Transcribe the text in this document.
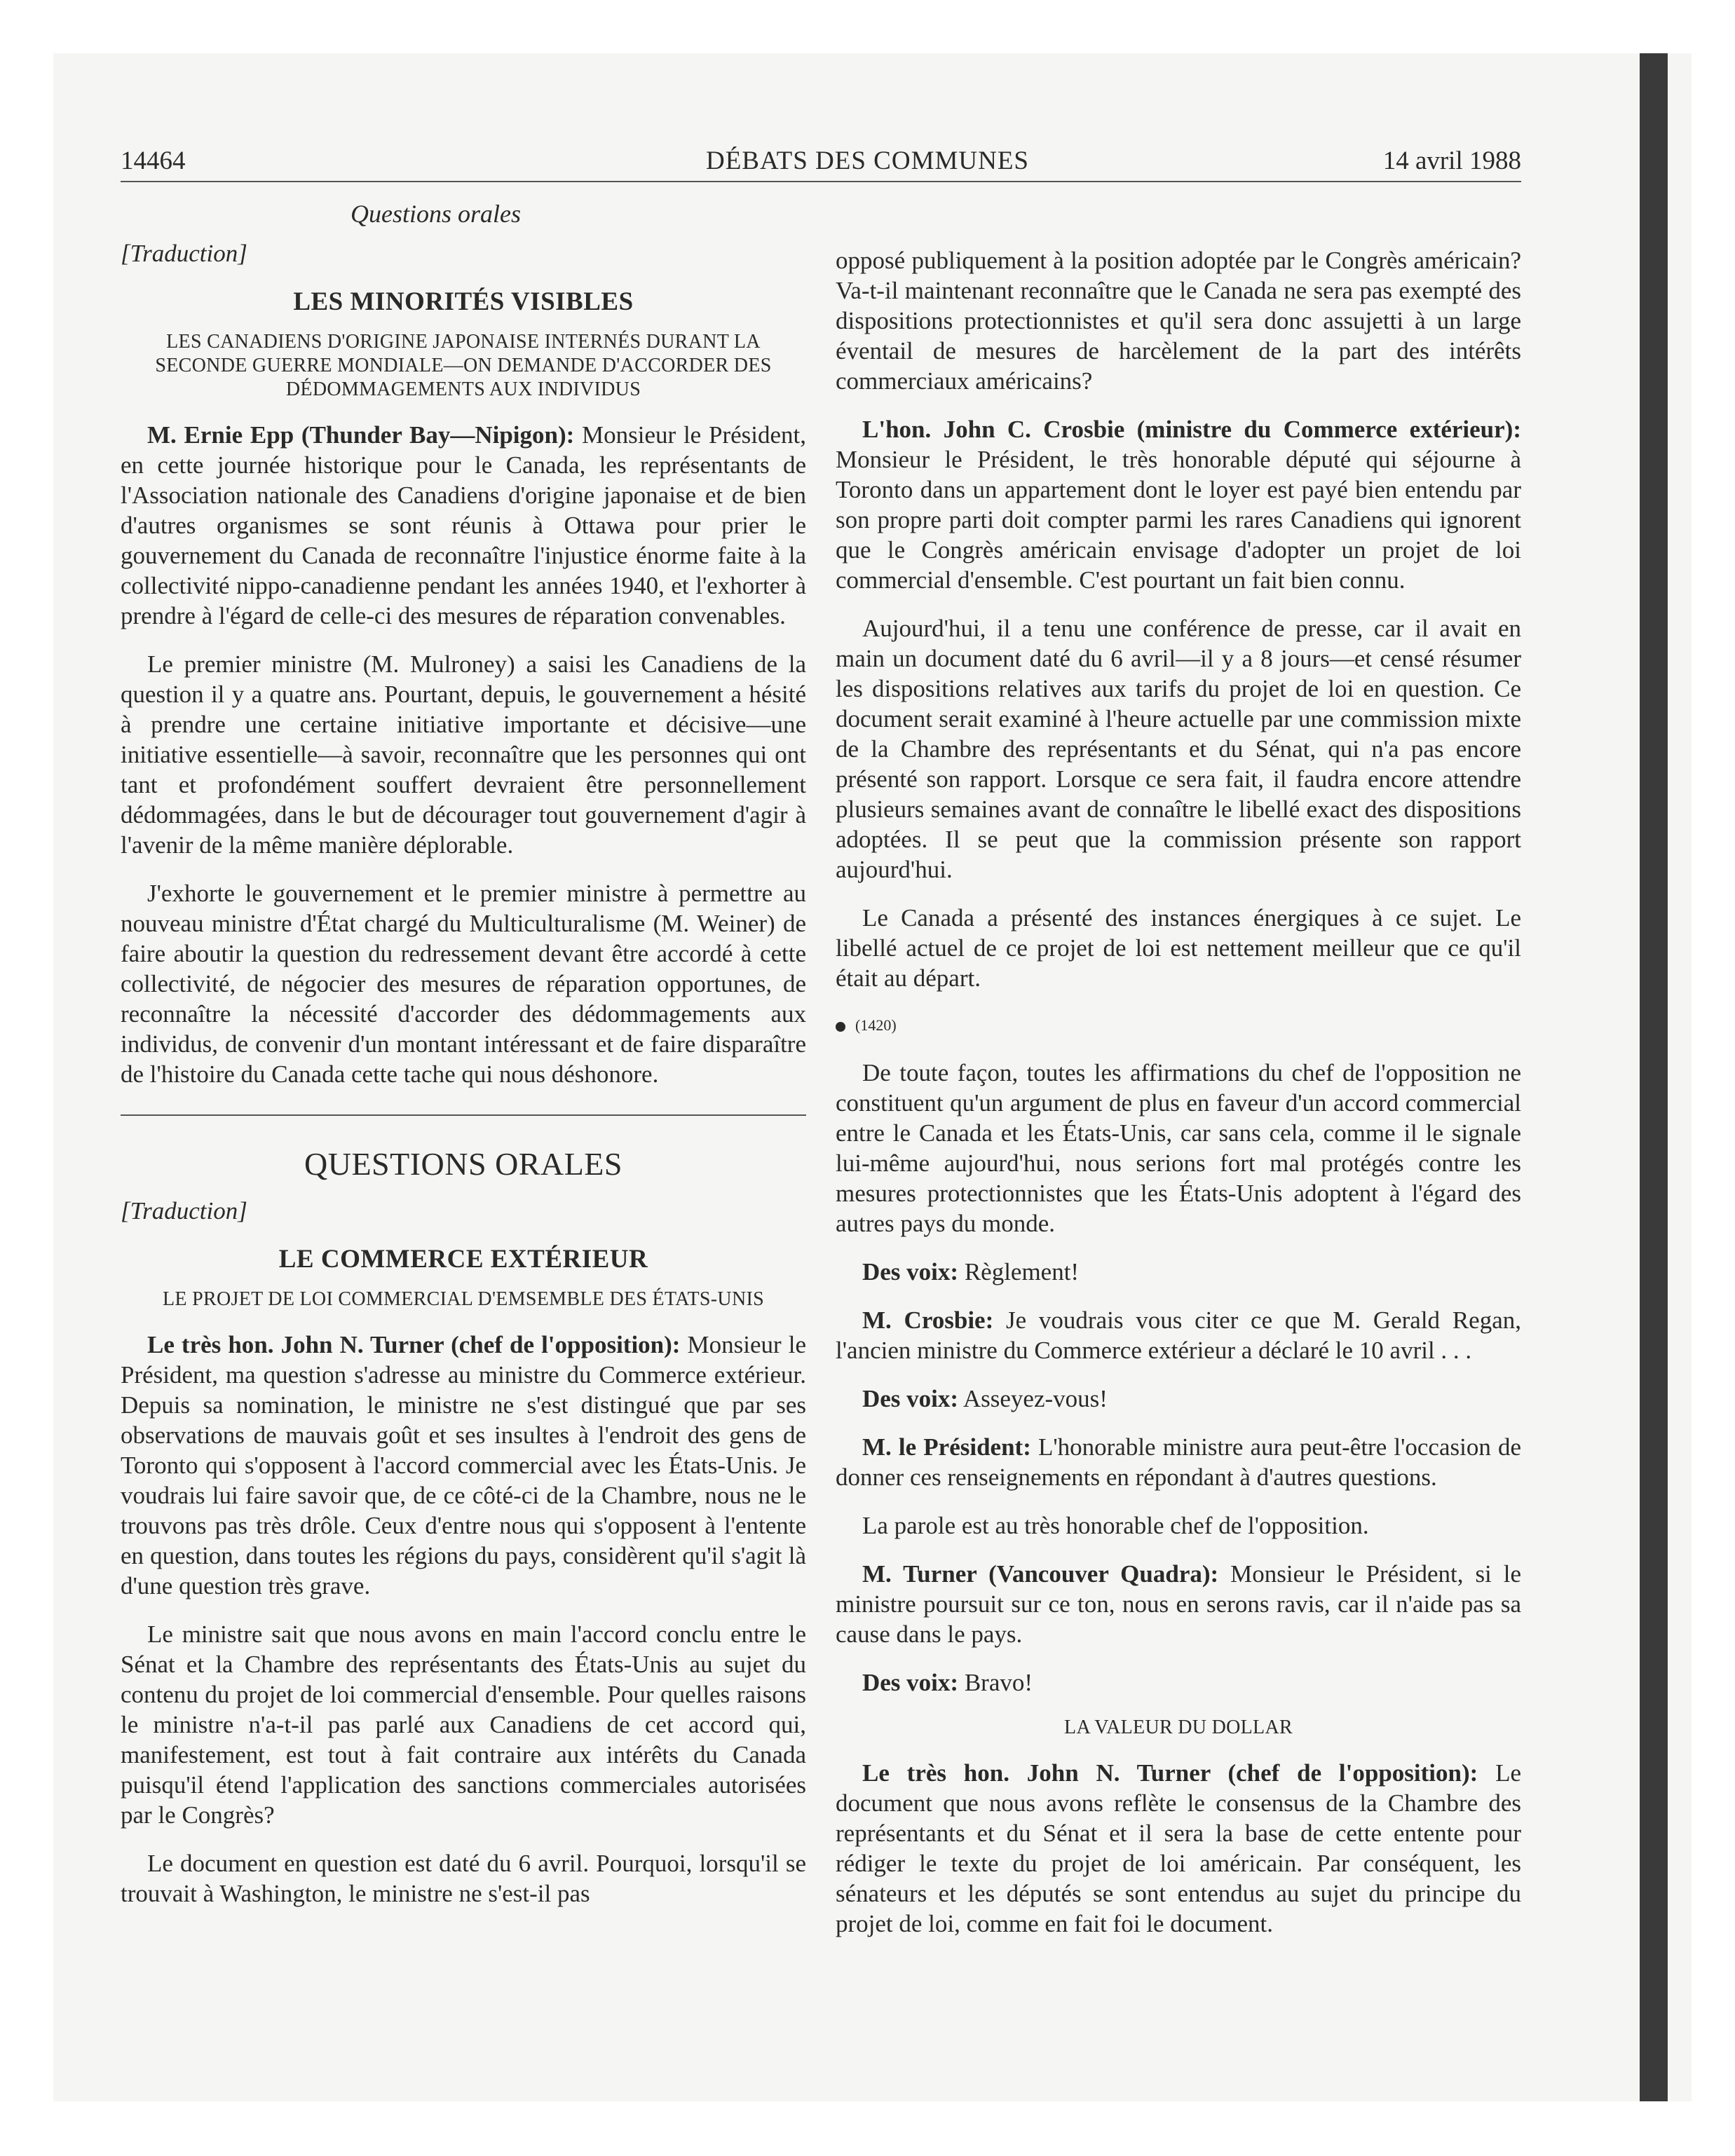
14464	DÉBATS DES COMMUNES	14 avril 1988
Questions orales
[Traduction]
LES MINORITÉS VISIBLES
LES CANADIENS D'ORIGINE JAPONAISE INTERNÉS DURANT LA SECONDE GUERRE MONDIALE—ON DEMANDE D'ACCORDER DES DÉDOMMAGEMENTS AUX INDIVIDUS

M. Ernie Epp (Thunder Bay—Nipigon): Monsieur le Président, en cette journée historique pour le Canada, les représentants de l'Association nationale des Canadiens d'origine japonaise et de bien d'autres organismes se sont réunis à Ottawa pour prier le gouvernement du Canada de reconnaître l'injustice énorme faite à la collectivité nippo-canadienne pendant les années 1940, et l'exhorter à prendre à l'égard de celle-ci des mesures de réparation convenables.

Le premier ministre (M. Mulroney) a saisi les Canadiens de la question il y a quatre ans. Pourtant, depuis, le gouvernement a hésité à prendre une certaine initiative importante et décisive—une initiative essentielle—à savoir, reconnaître que les personnes qui ont tant et profondément souffert devraient être personnellement dédommagées, dans le but de décourager tout gouvernement d'agir à l'avenir de la même manière déplorable.

J'exhorte le gouvernement et le premier ministre à permettre au nouveau ministre d'État chargé du Multiculturalisme (M. Weiner) de faire aboutir la question du redressement devant être accordé à cette collectivité, de négocier des mesures de réparation opportunes, de reconnaître la nécessité d'accorder des dédommagements aux individus, de convenir d'un montant intéressant et de faire disparaître de l'histoire du Canada cette tache qui nous déshonore.

QUESTIONS ORALES
[Traduction]
LE COMMERCE EXTÉRIEUR
LE PROJET DE LOI COMMERCIAL D'EMSEMBLE DES ÉTATS-UNIS

Le très hon. John N. Turner (chef de l'opposition): Monsieur le Président, ma question s'adresse au ministre du Commerce extérieur. Depuis sa nomination, le ministre ne s'est distingué que par ses observations de mauvais goût et ses insultes à l'endroit des gens de Toronto qui s'opposent à l'accord commercial avec les États-Unis. Je voudrais lui faire savoir que, de ce côté-ci de la Chambre, nous ne le trouvons pas très drôle. Ceux d'entre nous qui s'opposent à l'entente en question, dans toutes les régions du pays, considèrent qu'il s'agit là d'une question très grave.

Le ministre sait que nous avons en main l'accord conclu entre le Sénat et la Chambre des représentants des États-Unis au sujet du contenu du projet de loi commercial d'ensemble. Pour quelles raisons le ministre n'a-t-il pas parlé aux Canadiens de cet accord qui, manifestement, est tout à fait contraire aux intérêts du Canada puisqu'il étend l'application des sanctions commerciales autorisées par le Congrès?

Le document en question est daté du 6 avril. Pourquoi, lorsqu'il se trouvait à Washington, le ministre ne s'est-il pas

opposé publiquement à la position adoptée par le Congrès américain? Va-t-il maintenant reconnaître que le Canada ne sera pas exempté des dispositions protectionnistes et qu'il sera donc assujetti à un large éventail de mesures de harcèlement de la part des intérêts commerciaux américains?

L'hon. John C. Crosbie (ministre du Commerce extérieur): Monsieur le Président, le très honorable député qui séjourne à Toronto dans un appartement dont le loyer est payé bien entendu par son propre parti doit compter parmi les rares Canadiens qui ignorent que le Congrès américain envisage d'adopter un projet de loi commercial d'ensemble. C'est pourtant un fait bien connu.

Aujourd'hui, il a tenu une conférence de presse, car il avait en main un document daté du 6 avril—il y a 8 jours—et censé résumer les dispositions relatives aux tarifs du projet de loi en question. Ce document serait examiné à l'heure actuelle par une commission mixte de la Chambre des représentants et du Sénat, qui n'a pas encore présenté son rapport. Lorsque ce sera fait, il faudra encore attendre plusieurs semaines avant de connaître le libellé exact des dispositions adoptées. Il se peut que la commission présente son rapport aujourd'hui.

Le Canada a présenté des instances énergiques à ce sujet. Le libellé actuel de ce projet de loi est nettement meilleur que ce qu'il était au départ.

(1420)

De toute façon, toutes les affirmations du chef de l'opposition ne constituent qu'un argument de plus en faveur d'un accord commercial entre le Canada et les États-Unis, car sans cela, comme il le signale lui-même aujourd'hui, nous serions fort mal protégés contre les mesures protectionnistes que les États-Unis adoptent à l'égard des autres pays du monde.

Des voix: Règlement!

M. Crosbie: Je voudrais vous citer ce que M. Gerald Regan, l'ancien ministre du Commerce extérieur a déclaré le 10 avril . . .

Des voix: Asseyez-vous!

M. le Président: L'honorable ministre aura peut-être l'occasion de donner ces renseignements en répondant à d'autres questions.

La parole est au très honorable chef de l'opposition.

M. Turner (Vancouver Quadra): Monsieur le Président, si le ministre poursuit sur ce ton, nous en serons ravis, car il n'aide pas sa cause dans le pays.

Des voix: Bravo!

LA VALEUR DU DOLLAR

Le très hon. John N. Turner (chef de l'opposition): Le document que nous avons reflète le consensus de la Chambre des représentants et du Sénat et il sera la base de cette entente pour rédiger le texte du projet de loi américain. Par conséquent, les sénateurs et les députés se sont entendus au sujet du principe du projet de loi, comme en fait foi le document.
